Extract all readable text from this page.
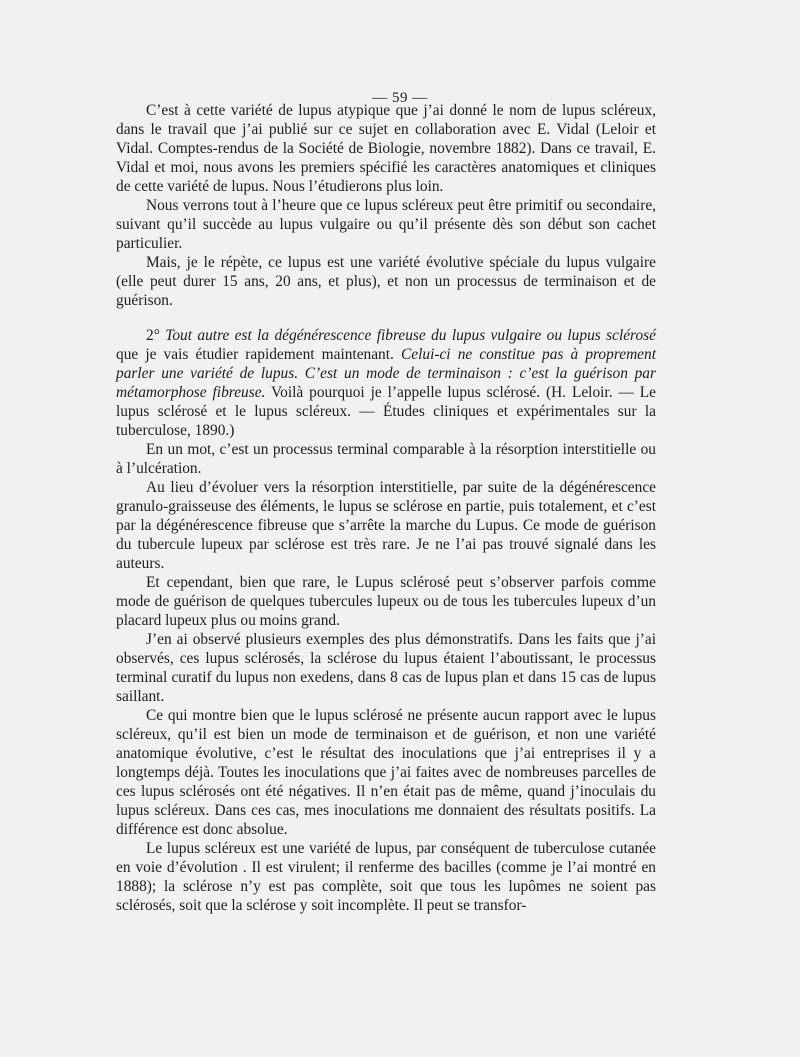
— 59 —

C’est à cette variété de lupus atypique que j’ai donné le nom de lupus scléreux, dans le travail que j’ai publié sur ce sujet en collaboration avec E. Vidal (Leloir et Vidal. Comptes-rendus de la Société de Biologie, novembre 1882). Dans ce travail, E. Vidal et moi, nous avons les premiers spécifié les caractères anatomiques et cliniques de cette variété de lupus. Nous l’étudierons plus loin.

Nous verrons tout à l’heure que ce lupus scléreux peut être primitif ou secondaire, suivant qu’il succède au lupus vulgaire ou qu’il présente dès son début son cachet particulier.

Mais, je le répète, ce lupus est une variété évolutive spéciale du lupus vulgaire (elle peut durer 15 ans, 20 ans, et plus), et non un processus de terminaison et de guérison.

2° Tout autre est la dégénérescence fibreuse du lupus vulgaire ou lupus sclérosé que je vais étudier rapidement maintenant. Celui-ci ne constitue pas à proprement parler une variété de lupus. C’est un mode de terminaison : c’est la guérison par métamorphose fibreuse. Voilà pourquoi je l’appelle lupus sclérosé. (H. Leloir. — Le lupus sclérosé et le lupus scléreux. — Études cliniques et expérimentales sur la tuberculose, 1890.)

En un mot, c’est un processus terminal comparable à la résorption interstitielle ou à l’ulcération.

Au lieu d’évoluer vers la résorption interstitielle, par suite de la dégénérescence granulo-graisseuse des éléments, le lupus se sclérose en partie, puis totalement, et c’est par la dégénérescence fibreuse que s’arrête la marche du Lupus. Ce mode de guérison du tubercule lupeux par sclérose est très rare. Je ne l’ai pas trouvé signalé dans les auteurs.

Et cependant, bien que rare, le Lupus sclérosé peut s’observer parfois comme mode de guérison de quelques tubercules lupeux ou de tous les tubercules lupeux d’un placard lupeux plus ou moins grand.

J’en ai observé plusieurs exemples des plus démonstratifs. Dans les faits que j’ai observés, ces lupus sclérosés, la sclérose du lupus étaient l’aboutissant, le processus terminal curatif du lupus non exedens, dans 8 cas de lupus plan et dans 15 cas de lupus saillant.

Ce qui montre bien que le lupus sclérosé ne présente aucun rapport avec le lupus scléreux, qu’il est bien un mode de terminaison et de guérison, et non une variété anatomique évolutive, c’est le résultat des inoculations que j’ai entreprises il y a longtemps déjà. Toutes les inoculations que j’ai faites avec de nombreuses parcelles de ces lupus sclérosés ont été négatives. Il n’en était pas de même, quand j’inoculais du lupus scléreux. Dans ces cas, mes inoculations me donnaient des résultats positifs. La différence est donc absolue.

Le lupus scléreux est une variété de lupus, par conséquent de tuberculose cutanée en voie d’évolution . Il est virulent; il renferme des bacilles (comme je l’ai montré en 1888); la sclérose n’y est pas complète, soit que tous les lupômes ne soient pas sclérosés, soit que la sclérose y soit incomplète. Il peut se transfor-
